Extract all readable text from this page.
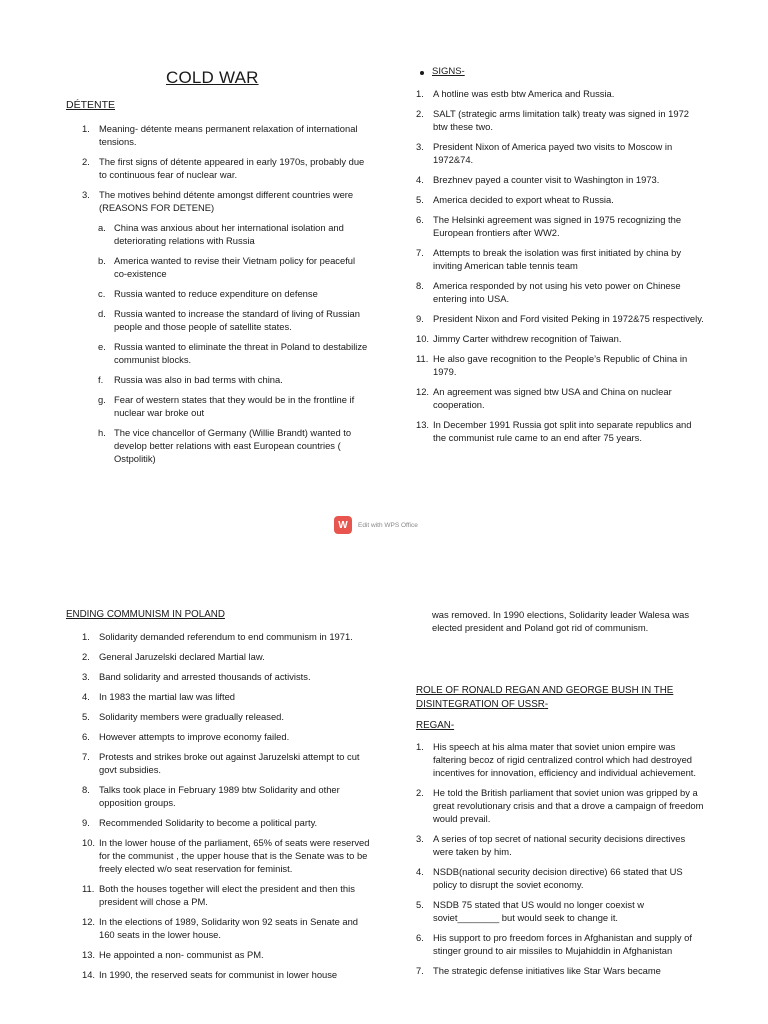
COLD WAR
DÉTENTE
1. Meaning- détente means permanent relaxation of international tensions.
2. The first signs of détente appeared in early 1970s, probably due to continuous fear of nuclear war.
3. The motives behind détente amongst different countries were (REASONS FOR DETENE)
a. China was anxious about her international isolation and deteriorating relations with Russia
b. America wanted to revise their Vietnam policy for peaceful co-existence
c. Russia wanted to reduce expenditure on defense
d. Russia wanted to increase the standard of living of Russian people and those people of satellite states.
e. Russia wanted to eliminate the threat in Poland to destabilize communist blocks.
f. Russia was also in bad terms with china.
g. Fear of western states that they would be in the frontline if nuclear war broke out
h. The vice chancellor of Germany (Willie Brandt) wanted to develop better relations with east European countries ( Ostpolitik)
SIGNS-
1. A hotline was estb btw America and Russia.
2. SALT (strategic arms limitation talk) treaty was signed in 1972 btw these two.
3. President Nixon of America payed two visits to Moscow in 1972&74.
4. Brezhnev payed a counter visit to Washington in 1973.
5. America decided to export wheat to Russia.
6. The Helsinki agreement was signed in 1975 recognizing the European frontiers after WW2.
7. Attempts to break the isolation was first initiated by china by inviting American table tennis team
8. America responded by not using his veto power on Chinese entering into USA.
9. President Nixon and Ford visited Peking in 1972&75 respectively.
10. Jimmy Carter withdrew recognition of Taiwan.
11. He also gave recognition to the People’s Republic of China in 1979.
12. An agreement was signed btw USA and China on nuclear cooperation.
13. In December 1991 Russia got split into separate republics and the communist rule came to an end after 75 years.
W	Edit with WPS Office
ENDING COMMUNISM IN POLAND
1. Solidarity demanded referendum to end communism in 1971.
2. General Jaruzelski declared Martial law.
3. Band solidarity and arrested thousands of activists.
4. In 1983 the martial law was lifted
5. Solidarity members were gradually released.
6. However attempts to improve economy failed.
7. Protests and strikes broke out against Jaruzelski attempt to cut govt subsidies.
8. Talks took place in February 1989 btw Solidarity and other opposition groups.
9. Recommended Solidarity to become a political party.
10. In the lower house of the parliament, 65% of seats were reserved for the communist , the upper house that is the Senate was to be freely elected w/o seat reservation for feminist.
11. Both the houses together will elect the president and then this president will chose a PM.
12. In the elections of 1989, Solidarity won 92 seats in Senate and 160 seats in the lower house.
13. He appointed a non- communist as PM.
14. In 1990, the reserved seats for communist in lower house
was removed. In 1990 elections, Solidarity leader Walesa was elected president and Poland got rid of communism.
ROLE OF RONALD REGAN AND GEORGE BUSH IN THE DISINTEGRATION OF USSR-
REGAN-
1. His speech at his alma mater that soviet union empire was faltering becoz of rigid centralized control which had destroyed incentives for innovation, efficiency and individual achievement.
2. He told the British parliament that soviet union was gripped by a great revolutionary crisis and that a drove a campaign of freedom would prevail.
3. A series of top secret of national security decisions directives were taken by him.
4. NSDB(national security decision directive) 66 stated that US policy to disrupt the soviet economy.
5. NSDB 75 stated that US would no longer coexist w soviet________ but would seek to change it.
6. His support to pro freedom forces in Afghanistan and supply of stinger ground to air missiles to Mujahiddin in Afghanistan
7. The strategic defense initiatives like Star Wars became
